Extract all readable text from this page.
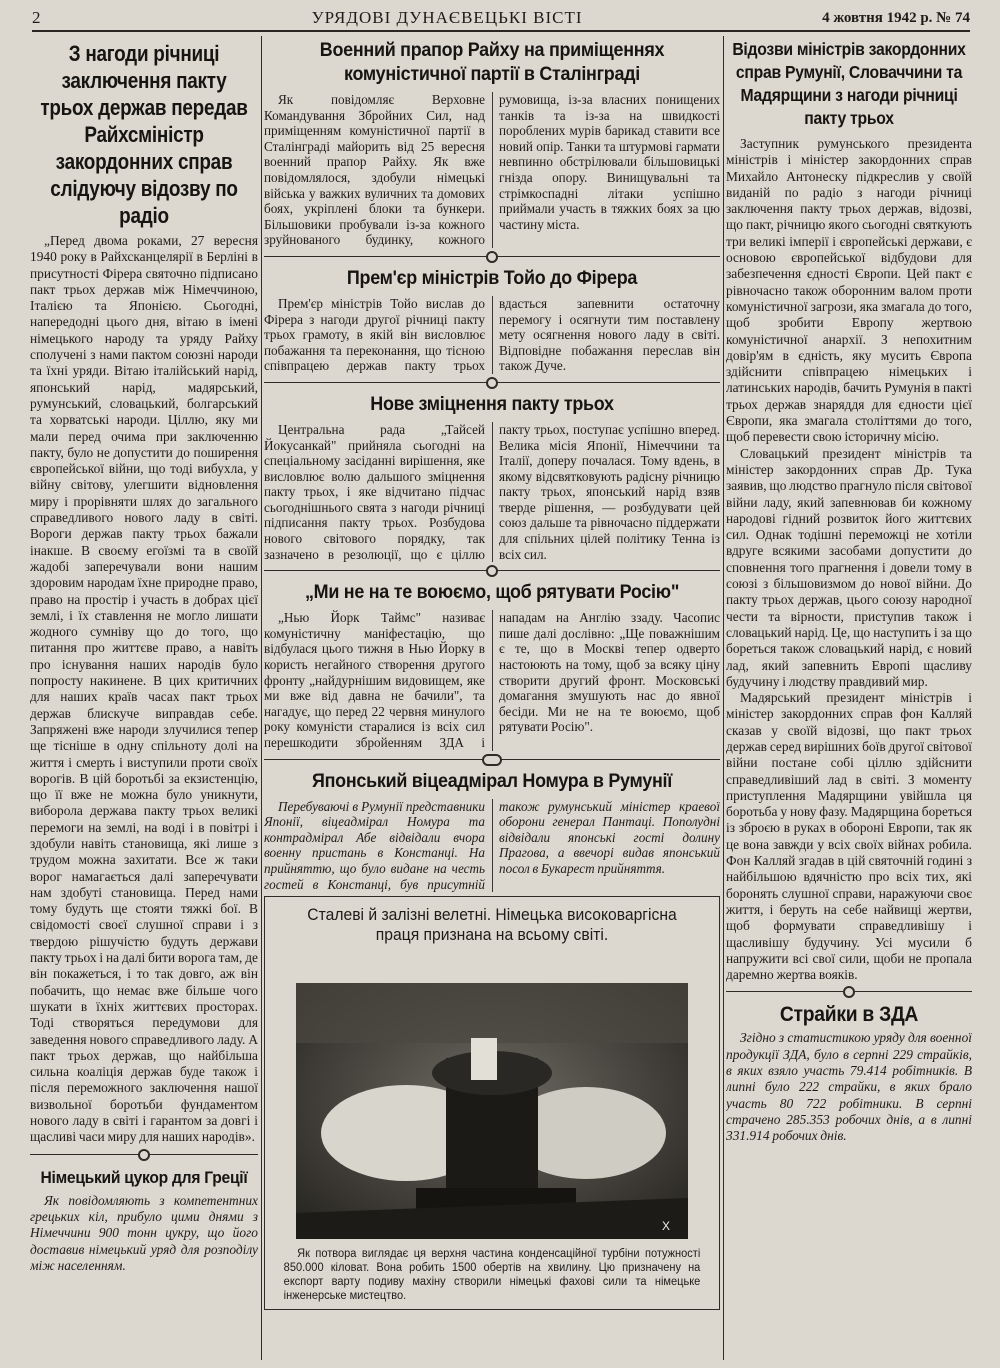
2	УРЯДОВІ ДУНАЄВЕЦЬКІ ВІСТІ	4 жовтня 1942 р. № 74
З нагоди річниці заключення пакту трьох держав передав Райхсміністр закордонних справ слідуючу відозву по радіо

„Перед двома роками, 27 вересня 1940 року в Райхсканцелярії в Берліні в присутності Фірера святочно підписано пакт трьох держав між Німеччиною, Італією та Японією. Сьогодні, напередодні цього дня, вітаю в імені німецького народу та уряду Райху сполучені з нами пактом союзні народи та їхні уряди. Вітаю італійський нарід, японський нарід, мадярський, румунський, словацький, болгарський та хорватські народи. Ціллю, яку ми мали перед очима при заключенню пакту, було не допустити до поширення європейської війни, що тоді вибухла, у війну світову, улегшити відновлення миру і прорівняти шлях до загального справедливого нового ладу в світі. Вороги держав пакту трьох бажали інакше. В своєму егоїзмі та в своїй жадобі заперечували вони нашим здоровим народам їхне природне право, право на простір і участь в добрах цієї землі, і їх ставлення не могло лишати жодного сумніву що до того, що питання про життєве право, а навіть про існування наших народів було попросту накинене. В цих критичних для наших країв часах пакт трьох держав блискуче виправдав себе. Запряжені вже народи злучилися тепер ще тісніше в одну спільноту долі на життя і смерть і виступили проти своїх ворогів. В цій боротьбі за екзистенцію, що її вже не можна було уникнути, виборола держава пакту трьох великі перемоги на землі, на воді і в повітрі і здобули навіть становища, які лише з трудом можна захитати. Все ж таки ворог намагається далі заперечувати нам здобуті становища. Перед нами тому будуть ще стояти тяжкі бої. В свідомості своєї слушної справи і з твердою рішучістю будуть держави пакту трьох і на далі бити ворога там, де він покажеться, і то так довго, аж він побачить, що немає вже більше чого шукати в їхніх життєвих просторах. Тоді створяться передумови для заведення нового справедливого ладу. А пакт трьох держав, що найбільша сильна коаліція держав буде також і після переможного заключення нашої визвольної боротьби фундаментом нового ладу в світі і гарантом за довгі і щасливі часи миру для наших народів».

Німецький цукор для Греції

Як повідомляють з компетентних грецьких кіл, прибуло цими днями з Німеччини 900 тонн цукру, що його доставив німецький уряд для розподілу між населенням.

Военний прапор Райху на приміщеннях комуністичної партії в Сталінграді

Як повідомляє Верховне Командування Збройних Сил, над приміщенням комуністичної партії в Сталінграді майорить від 25 вересня военний прапор Райху. Як вже повідомлялося, здобули німецькі війська у важких вуличних та домових боях, укріплені блоки та бункери. Більшовики пробували із-за кожного зруйнованого будинку, кожного румовища, із-за власних понищених танків та із-за на швидкості пороблених мурів барикад ставити все новий опір. Танки та штурмові гармати невпинно обстрілювали більшовицькі гнізда опору. Винищувальні та стрімкоспадні літаки успішно приймали участь в тяжких боях за цю частину міста.

Прем'єр міністрів Тойо до Фірера

Прем'єр міністрів Тойо вислав до Фірера з нагоди другої річниці пакту трьох грамоту, в якій він висловлює побажання та переконання, що тісною співпрацею держав пакту трьох вдасться запевнити остаточну перемогу і осягнути тим поставлену мету осягнення нового ладу в світі. Відповідне побажання переслав він також Дуче.

Нове зміцнення пакту трьох

Центральна рада „Тайсей Йокусанкай" прийняла сьогодні на спеціальному засіданні вирішення, яке висловлює волю дальшого зміцнення пакту трьох, і яке відчитано підчас сьогоднішнього свята з нагоди річниці підписання пакту трьох. Розбудова нового світового порядку, так зазначено в резолюції, що є ціллю пакту трьох, поступає успішно вперед. Велика місія Японії, Німеччини та Італії, доперу почалася. Тому вдень, в якому відсвятковують радісну річницю пакту трьох, японський нарід взяв тверде рішення, — розбудувати цей союз дальше та рівночасно піддержати для спільних цілей політику Тенна із всіх сил.

„Ми не на те воюємо, щоб рятувати Росію"

„Нью Йорк Таймс" називає комуністичну маніфестацію, що відбулася цього тижня в Нью Йорку в користь негайного створення другого фронту „найдурнішим видовищем, яке ми вже від давна не бачили", та нагадує, що перед 22 червня минулого року комуністи старалися із всіх сил перешкодити збройенням ЗДА і нападам на Англію ззаду. Часопис пише далі дослівно: „Ще поважнішим є те, що в Москві тепер одверто настоюють на тому, щоб за всяку ціну створити другий фронт. Московські домагання змушують нас до явної бесіди. Ми не на те воюємо, щоб рятувати Росію".

Японський віцеадмірал Номура в Румунії

Перебуваючі в Румунії представники Японії, віцеадмірал Номура та контрадмірал Абе відвідали вчора военну пристань в Констанці. На прийняттю, що було видане на честь гостей в Констанці, був присутній також румунський міністер краевої оборони генерал Пантаці. Пополудні відвідали японські гості долину Прагова, а ввечорі видав японський посол в Букарест прийняття.

Сталеві й залізні велетні. Німецька високоваргісна праця признана на всьому світі.
X

Як потвора виглядає ця верхня частина конденсаційної турбіни потужності 850.000 кіловат. Вона робить 1500 обертів на хвилину. Цю призначену на експорт варту подиву махіну створили німецькі фахові сили та німецьке інженерське мистецтво.

Відозви міністрів закордонних справ Румунії, Словаччини та Мадярщини з нагоди річниці пакту трьох

Заступник румунського президента міністрів і міністер закордонних справ Михайло Антонеску підкреслив у своїй виданій по радіо з нагоди річниці заключення пакту трьох держав, відозві, що пакт, річницю якого сьогодні святкують три великі імперії і європейські держави, є основою європейської відбудови для забезпечення єдності Європи. Цей пакт є рівночасно також оборонним валом проти комуністичної загрози, яка змагала до того, щоб зробити Европу жертвою комуністичної анархії. З непохитним довір'ям в єдність, яку мусить Європа здійснити співпрацею німецьких і латинських народів, бачить Румунія в пакті трьох держав знаряддя для єдности цієї Європи, яка змагала століттями до того, щоб перевести свою історичну місію.

Словацький президент міністрів та міністер закордонних справ Др. Тука заявив, що людство прагнуло після світової війни ладу, який запевнював би кожному народові гідний розвиток його життєвих сил. Однак тодішні переможці не хотіли вдруге всякими засобами допустити до сповнення того прагнення і довели тому в союзі з більшовизмом до нової війни. До пакту трьох держав, цього союзу народної чести та вірности, приступив також і словацький нарід. Це, що наступить і за що бореться також словацький нарід, є новий лад, який запевнить Европі щасливу будучину і людству правдивий мир.

Мадярський президент міністрів і міністер закордонних справ фон Калляй сказав у своїй відозві, що пакт трьох держав серед вирішних боїв другої світової війни постане собі ціллю здійснити справедливіший лад в світі. З моменту приступлення Мадярщини увійшла ця боротьба у нову фазу. Мадярщина бореться із зброєю в руках в обороні Европи, так як це вона завжди у всіх своїх війнах робила. Фон Калляй згадав в цій святочній годині з найбільшою вдячністю про всіх тих, які боронять слушної справи, наражуючи своє життя, і беруть на себе найвищі жертви, щоб формувати справедливішу і щасливішу будучину. Усі мусили б напружити всі свої сили, щоби не пропала даремно жертва вояків.

Страйки в ЗДА

Згідно з статистикою уряду для военної продукції ЗДА, було в серпні 229 страйків, в яких взяло участь 79.414 робітників. В липні було 222 страйки, в яких брало участь 80 722 робітники. В серпні страчено 285.353 робочих днів, а в липні 331.914 робочих днів.
